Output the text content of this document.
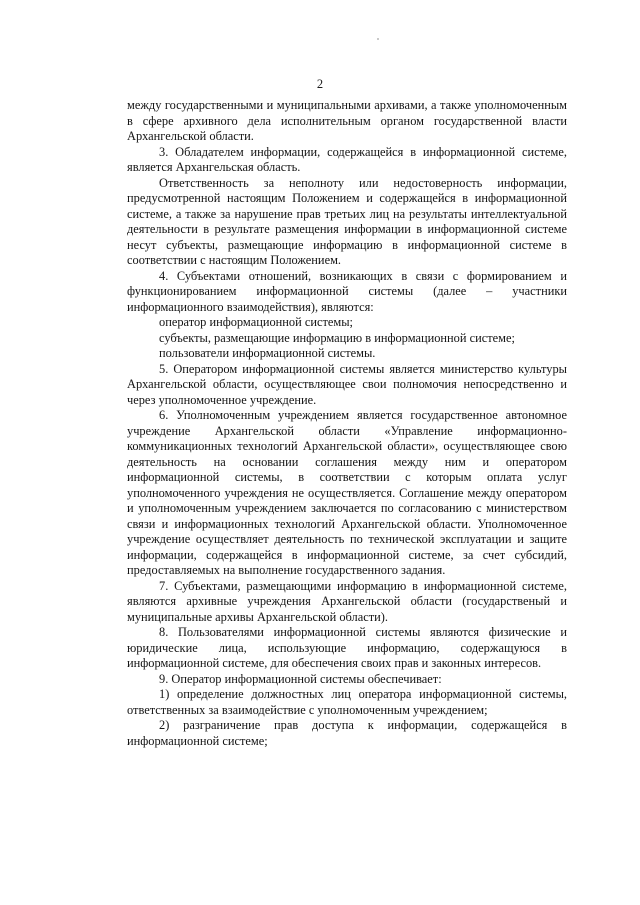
2

между государственными и муниципальными архивами, а также уполномоченным в сфере архивного дела исполнительным органом государственной власти Архангельской области.

3. Обладателем информации, содержащейся в информационной системе, является Архангельская область.

Ответственность за неполноту или недостоверность информации, предусмотренной настоящим Положением и содержащейся в информационной системе, а также за нарушение прав третьих лиц на результаты интеллектуальной деятельности в результате размещения информации в информационной системе несут субъекты, размещающие информацию в информационной системе в соответствии с настоящим Положением.

4. Субъектами отношений, возникающих в связи с формированием и функционированием информационной системы (далее – участники информационного взаимодействия), являются:

оператор информационной системы;

субъекты, размещающие информацию в информационной системе;

пользователи информационной системы.

5. Оператором информационной системы является министерство культуры Архангельской области, осуществляющее свои полномочия непосредственно и через уполномоченное учреждение.

6. Уполномоченным учреждением является государственное автономное учреждение Архангельской области «Управление информационно-коммуникационных технологий Архангельской области», осуществляющее свою деятельность на основании соглашения между ним и оператором информационной системы, в соответствии с которым оплата услуг уполномоченного учреждения не осуществляется. Соглашение между оператором и уполномоченным учреждением заключается по согласованию с министерством связи и информационных технологий Архангельской области. Уполномоченное учреждение осуществляет деятельность по технической эксплуатации и защите информации, содержащейся в информационной системе, за счет субсидий, предоставляемых на выполнение государственного задания.

7. Субъектами, размещающими информацию в информационной системе, являются архивные учреждения Архангельской области (государственый и муниципальные архивы Архангельской области).

8. Пользователями информационной системы являются физические и юридические лица, использующие информацию, содержащуюся в информационной системе, для обеспечения своих прав и законных интересов.

9. Оператор информационной системы обеспечивает:

1) определение должностных лиц оператора информационной системы, ответственных за взаимодействие с уполномоченным учреждением;

2) разграничение прав доступа к информации, содержащейся в информационной системе;
